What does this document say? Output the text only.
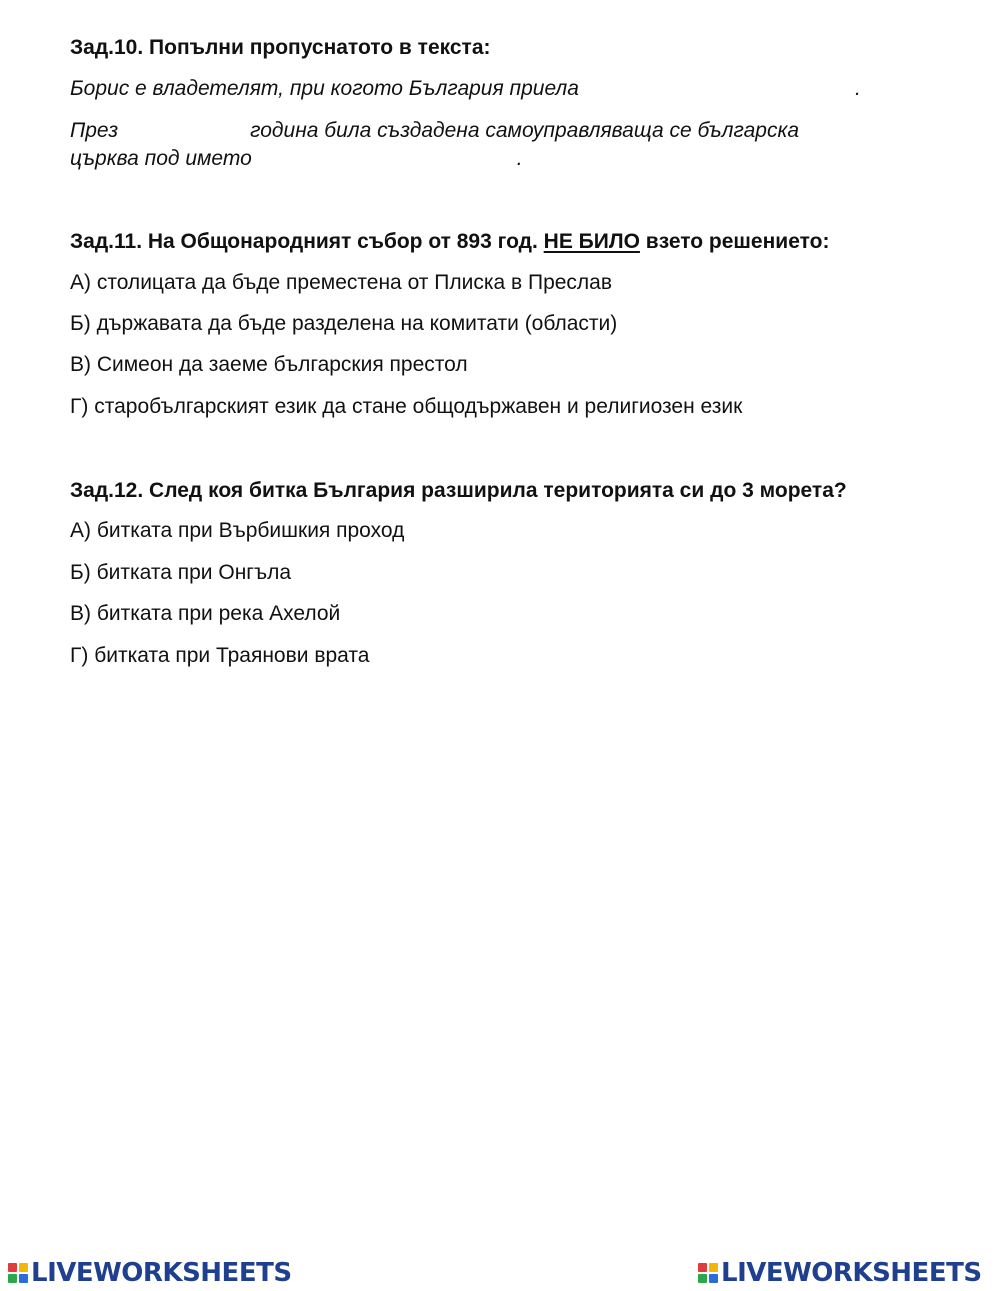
Зад.10. Попълни пропуснатото в текста:
Борис е владетелят, при когото България приела	.
През	година била създадена самоуправляваща се българска
църква под името	.
Зад.11. На Общонародният събор от 893 год. НЕ БИЛО взето решението:
А) столицата да бъде преместена от Плиска в Преслав
Б) държавата да бъде разделена на комитати (области)
В) Симеон да заеме българския престол
Г) старобългарският език да стане общодържавен и религиозен език
Зад.12. След коя битка България разширила територията си до 3 морета?
А) битката при Върбишкия проход
Б) битката при Онгъла
В) битката при река Ахелой
Г) битката при Траянови врата
LIVEWORKSHEETS	LIVEWORKSHEETS
